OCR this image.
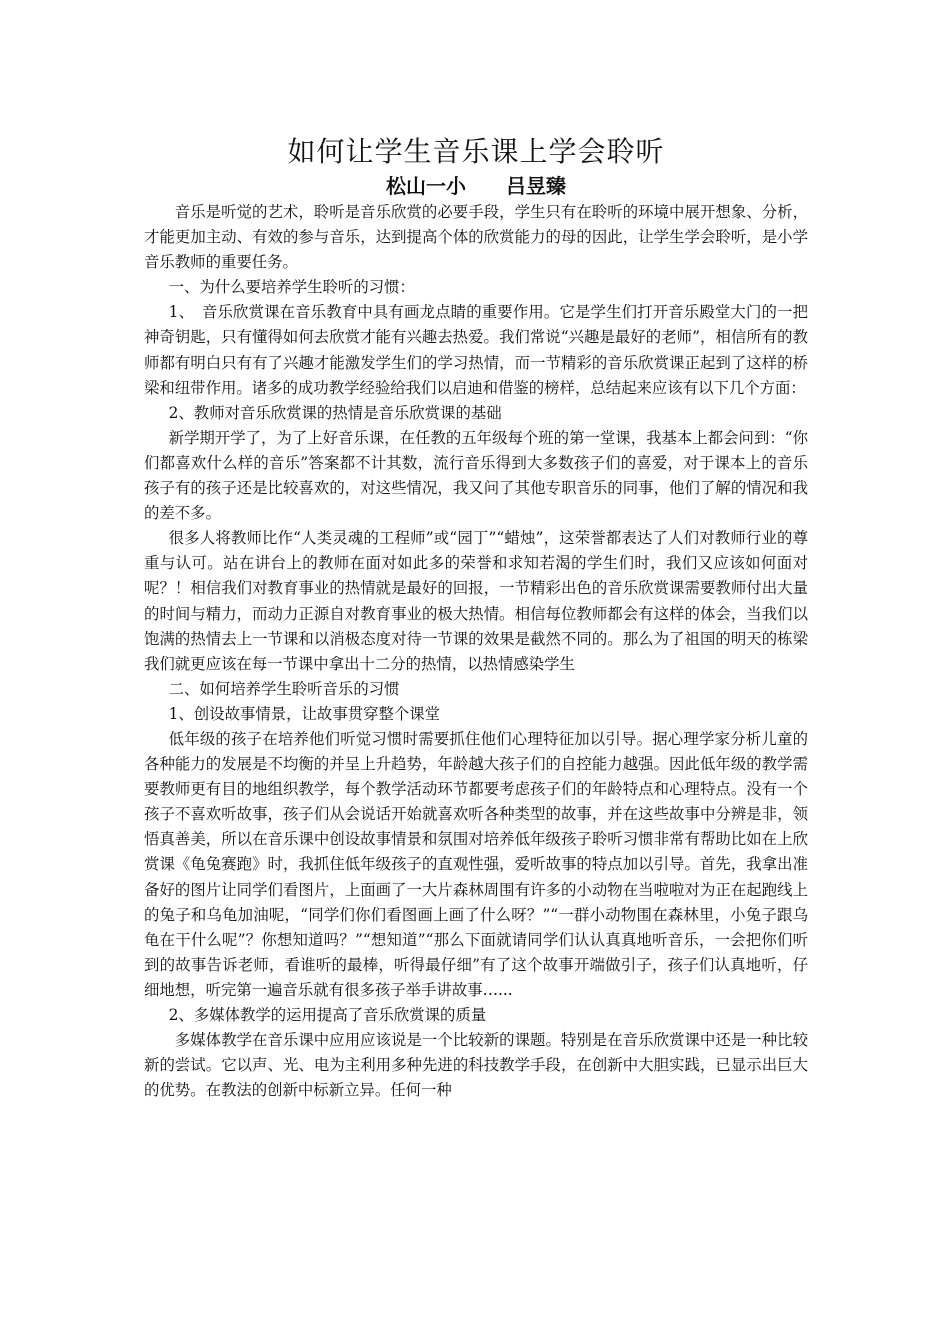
如何让学生音乐课上学会聆听
松山一小　　吕昱臻

音乐是听觉的艺术，聆听是音乐欣赏的必要手段，学生只有在聆听的环境中展开想象、分析，才能更加主动、有效的参与音乐，达到提高个体的欣赏能力的母的因此，让学生学会聆听，是小学音乐教师的重要任务。

一、为什么要培养学生聆听的习惯：

1、　音乐欣赏课在音乐教育中具有画龙点睛的重要作用。它是学生们打开音乐殿堂大门的一把神奇钥匙，只有懂得如何去欣赏才能有兴趣去热爱。我们常说“兴趣是最好的老师”，相信所有的教师都有明白只有有了兴趣才能激发学生们的学习热情，而一节精彩的音乐欣赏课正起到了这样的桥梁和纽带作用。诸多的成功教学经验给我们以启迪和借鉴的榜样，总结起来应该有以下几个方面：

2、教师对音乐欣赏课的热情是音乐欣赏课的基础

新学期开学了，为了上好音乐课，在任教的五年级每个班的第一堂课，我基本上都会问到：“你们都喜欢什么样的音乐”答案都不计其数，流行音乐得到大多数孩子们的喜爱，对于课本上的音乐孩子有的孩子还是比较喜欢的，对这些情况，我又问了其他专职音乐的同事，他们了解的情况和我的差不多。

很多人将教师比作“人类灵魂的工程师”或“园丁”“蜡烛”，这荣誉都表达了人们对教师行业的尊重与认可。站在讲台上的教师在面对如此多的荣誉和求知若渴的学生们时，我们又应该如何面对呢？！相信我们对教育事业的热情就是最好的回报，一节精彩出色的音乐欣赏课需要教师付出大量的时间与精力，而动力正源自对教育事业的极大热情。相信每位教师都会有这样的体会，当我们以饱满的热情去上一节课和以消极态度对待一节课的效果是截然不同的。那么为了祖国的明天的栋梁我们就更应该在每一节课中拿出十二分的热情，以热情感染学生

二、如何培养学生聆听音乐的习惯

1、创设故事情景，让故事贯穿整个课堂

低年级的孩子在培养他们听觉习惯时需要抓住他们心理特征加以引导。据心理学家分析儿童的各种能力的发展是不均衡的并呈上升趋势，年龄越大孩子们的自控能力越强。因此低年级的教学需要教师更有目的地组织教学，每个教学活动环节都要考虑孩子们的年龄特点和心理特点。没有一个孩子不喜欢听故事，孩子们从会说话开始就喜欢听各种类型的故事，并在这些故事中分辨是非，领悟真善美，所以在音乐课中创设故事情景和氛围对培养低年级孩子聆听习惯非常有帮助比如在上欣赏课《龟兔赛跑》时，我抓住低年级孩子的直观性强，爱听故事的特点加以引导。首先，我拿出准备好的图片让同学们看图片，上面画了一大片森林周围有许多的小动物在当啦啦对为正在起跑线上的兔子和乌龟加油呢，“同学们你们看图画上画了什么呀？”“一群小动物围在森林里，小兔子跟乌龟在干什么呢”？你想知道吗？”“想知道”“那么下面就请同学们认认真真地听音乐，一会把你们听到的故事告诉老师，看谁听的最棒，听得最仔细”有了这个故事开端做引子，孩子们认真地听，仔细地想，听完第一遍音乐就有很多孩子举手讲故事…...

2、多媒体教学的运用提高了音乐欣赏课的质量

多媒体教学在音乐课中应用应该说是一个比较新的课题。特别是在音乐欣赏课中还是一种比较新的尝试。它以声、光、电为主利用多种先进的科技教学手段，在创新中大胆实践，已显示出巨大的优势。在教法的创新中标新立异。任何一种
